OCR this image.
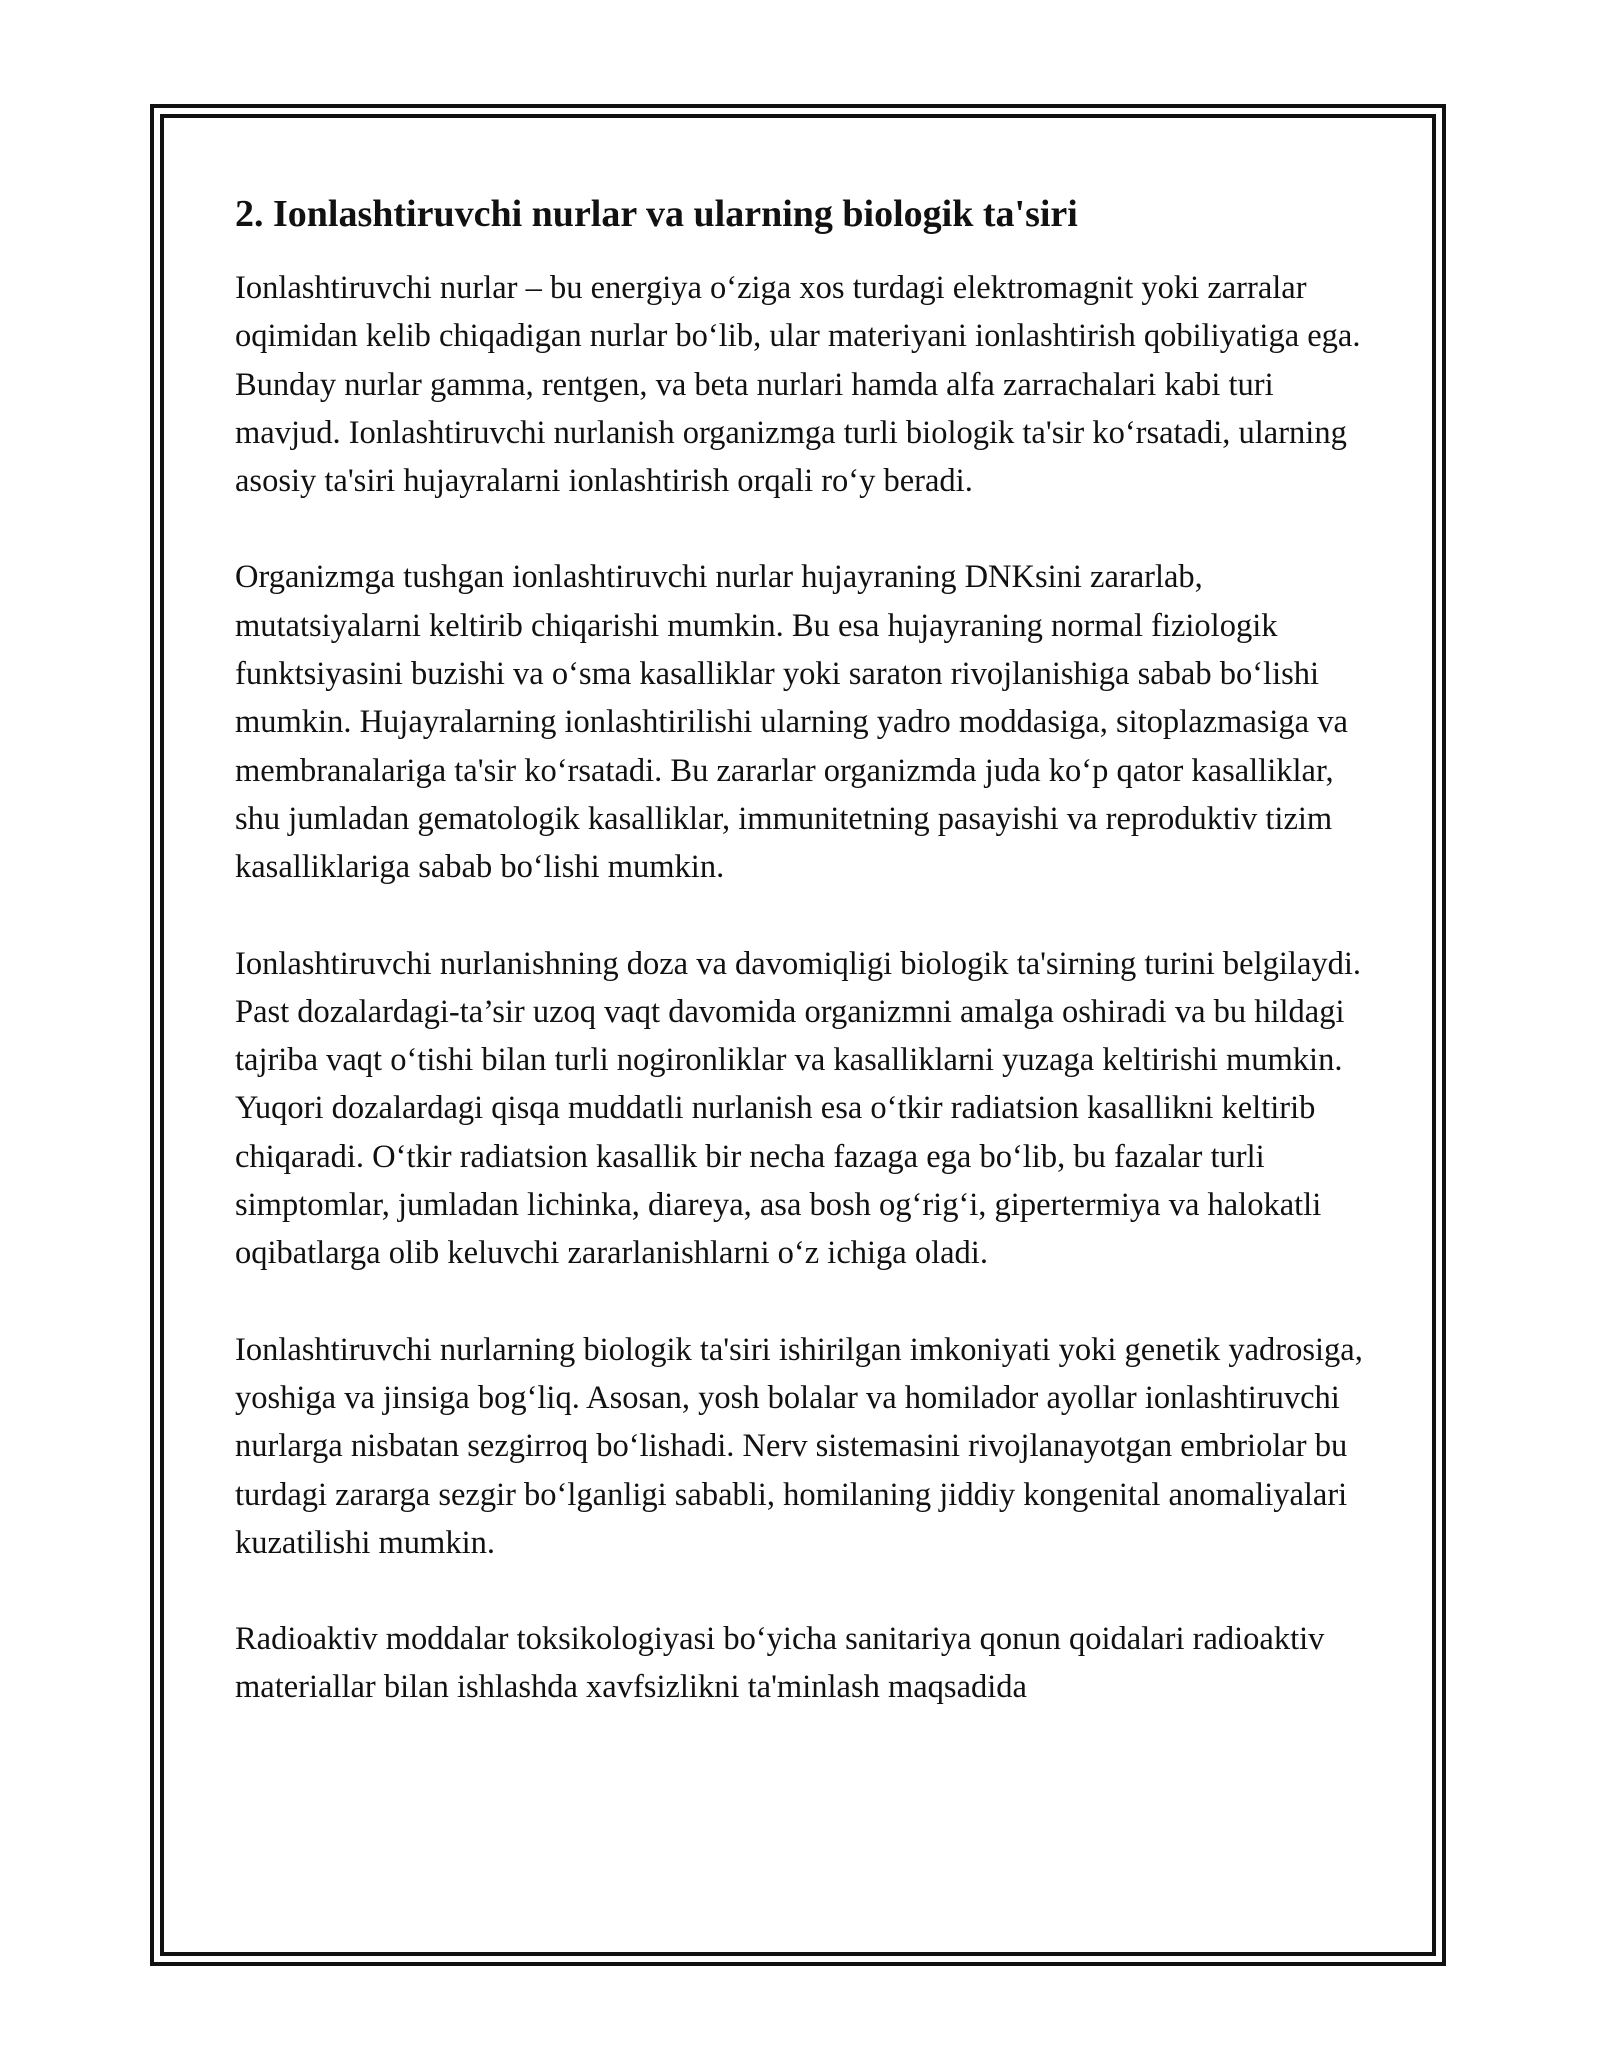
2. Ionlashtiruvchi nurlar va ularning biologik ta'siri

Ionlashtiruvchi nurlar – bu energiya o‘ziga xos turdagi elektromagnit yoki zarralar oqimidan kelib chiqadigan nurlar bo‘lib, ular materiyani ionlashtirish qobiliyatiga ega. Bunday nurlar gamma, rentgen, va beta nurlari hamda alfa zarrachalari kabi turi mavjud. Ionlashtiruvchi nurlanish organizmga turli biologik ta'sir ko‘rsatadi, ularning asosiy ta'siri hujayralarni ionlashtirish orqali ro‘y beradi.

Organizmga tushgan ionlashtiruvchi nurlar hujayraning DNKsini zararlab, mutatsiyalarni keltirib chiqarishi mumkin. Bu esa hujayraning normal fiziologik funktsiyasini buzishi va o‘sma kasalliklar yoki saraton rivojlanishiga sabab bo‘lishi mumkin. Hujayralarning ionlashtirilishi ularning yadro moddasiga, sitoplazmasiga va membranalariga ta'sir ko‘rsatadi. Bu zararlar organizmda juda ko‘p qator kasalliklar, shu jumladan gematologik kasalliklar, immunitetning pasayishi va reproduktiv tizim kasalliklariga sabab bo‘lishi mumkin.

Ionlashtiruvchi nurlanishning doza va davomiqligi biologik ta'sirning turini belgilaydi. Past dozalardagi-ta’sir uzoq vaqt davomida organizmni amalga oshiradi va bu hildagi tajriba vaqt o‘tishi bilan turli nogironliklar va kasalliklarni yuzaga keltirishi mumkin. Yuqori dozalardagi qisqa muddatli nurlanish esa o‘tkir radiatsion kasallikni keltirib chiqaradi. O‘tkir radiatsion kasallik bir necha fazaga ega bo‘lib, bu fazalar turli simptomlar, jumladan lichinka, diareya, asa bosh og‘rig‘i, gipertermiya va halokatli oqibatlarga olib keluvchi zararlanishlarni o‘z ichiga oladi.

Ionlashtiruvchi nurlarning biologik ta'siri ishirilgan imkoniyati yoki genetik yadrosiga, yoshiga va jinsiga bog‘liq. Asosan, yosh bolalar va homilador ayollar ionlashtiruvchi nurlarga nisbatan sezgirroq bo‘lishadi. Nerv sistemasini rivojlanayotgan embriolar bu turdagi zararga sezgir bo‘lganligi sababli, homilaning jiddiy kongenital anomaliyalari kuzatilishi mumkin.

Radioaktiv moddalar toksikologiyasi bo‘yicha sanitariya qonun qoidalari radioaktiv materiallar bilan ishlashda xavfsizlikni ta'minlash maqsadida
